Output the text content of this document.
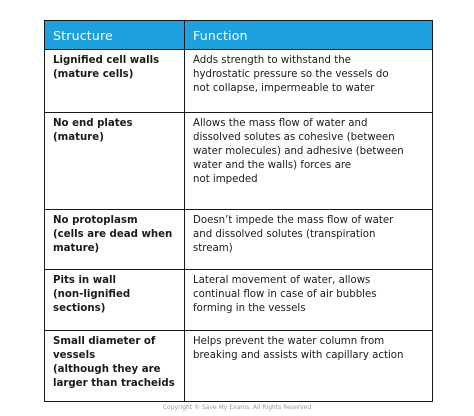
Structure	Function

Lignified cell walls
(mature cells)	Adds strength to withstand the
hydrostatic pressure so the vessels do
not collapse, impermeable to water

No end plates
(mature)	Allows the mass flow of water and
dissolved solutes as cohesive (between
water molecules) and adhesive (between
water and the walls) forces are
not impeded

No protoplasm
(cells are dead when
mature)	Doesn’t impede the mass flow of water
and dissolved solutes (transpiration
stream)

Pits in wall
(non-lignified
sections)	Lateral movement of water, allows
continual flow in case of air bubbles
forming in the vessels

Small diameter of
vessels
(although they are
larger than tracheids	Helps prevent the water column from
breaking and assists with capillary action
Copyright © Save My Exams. All Rights Reserved
